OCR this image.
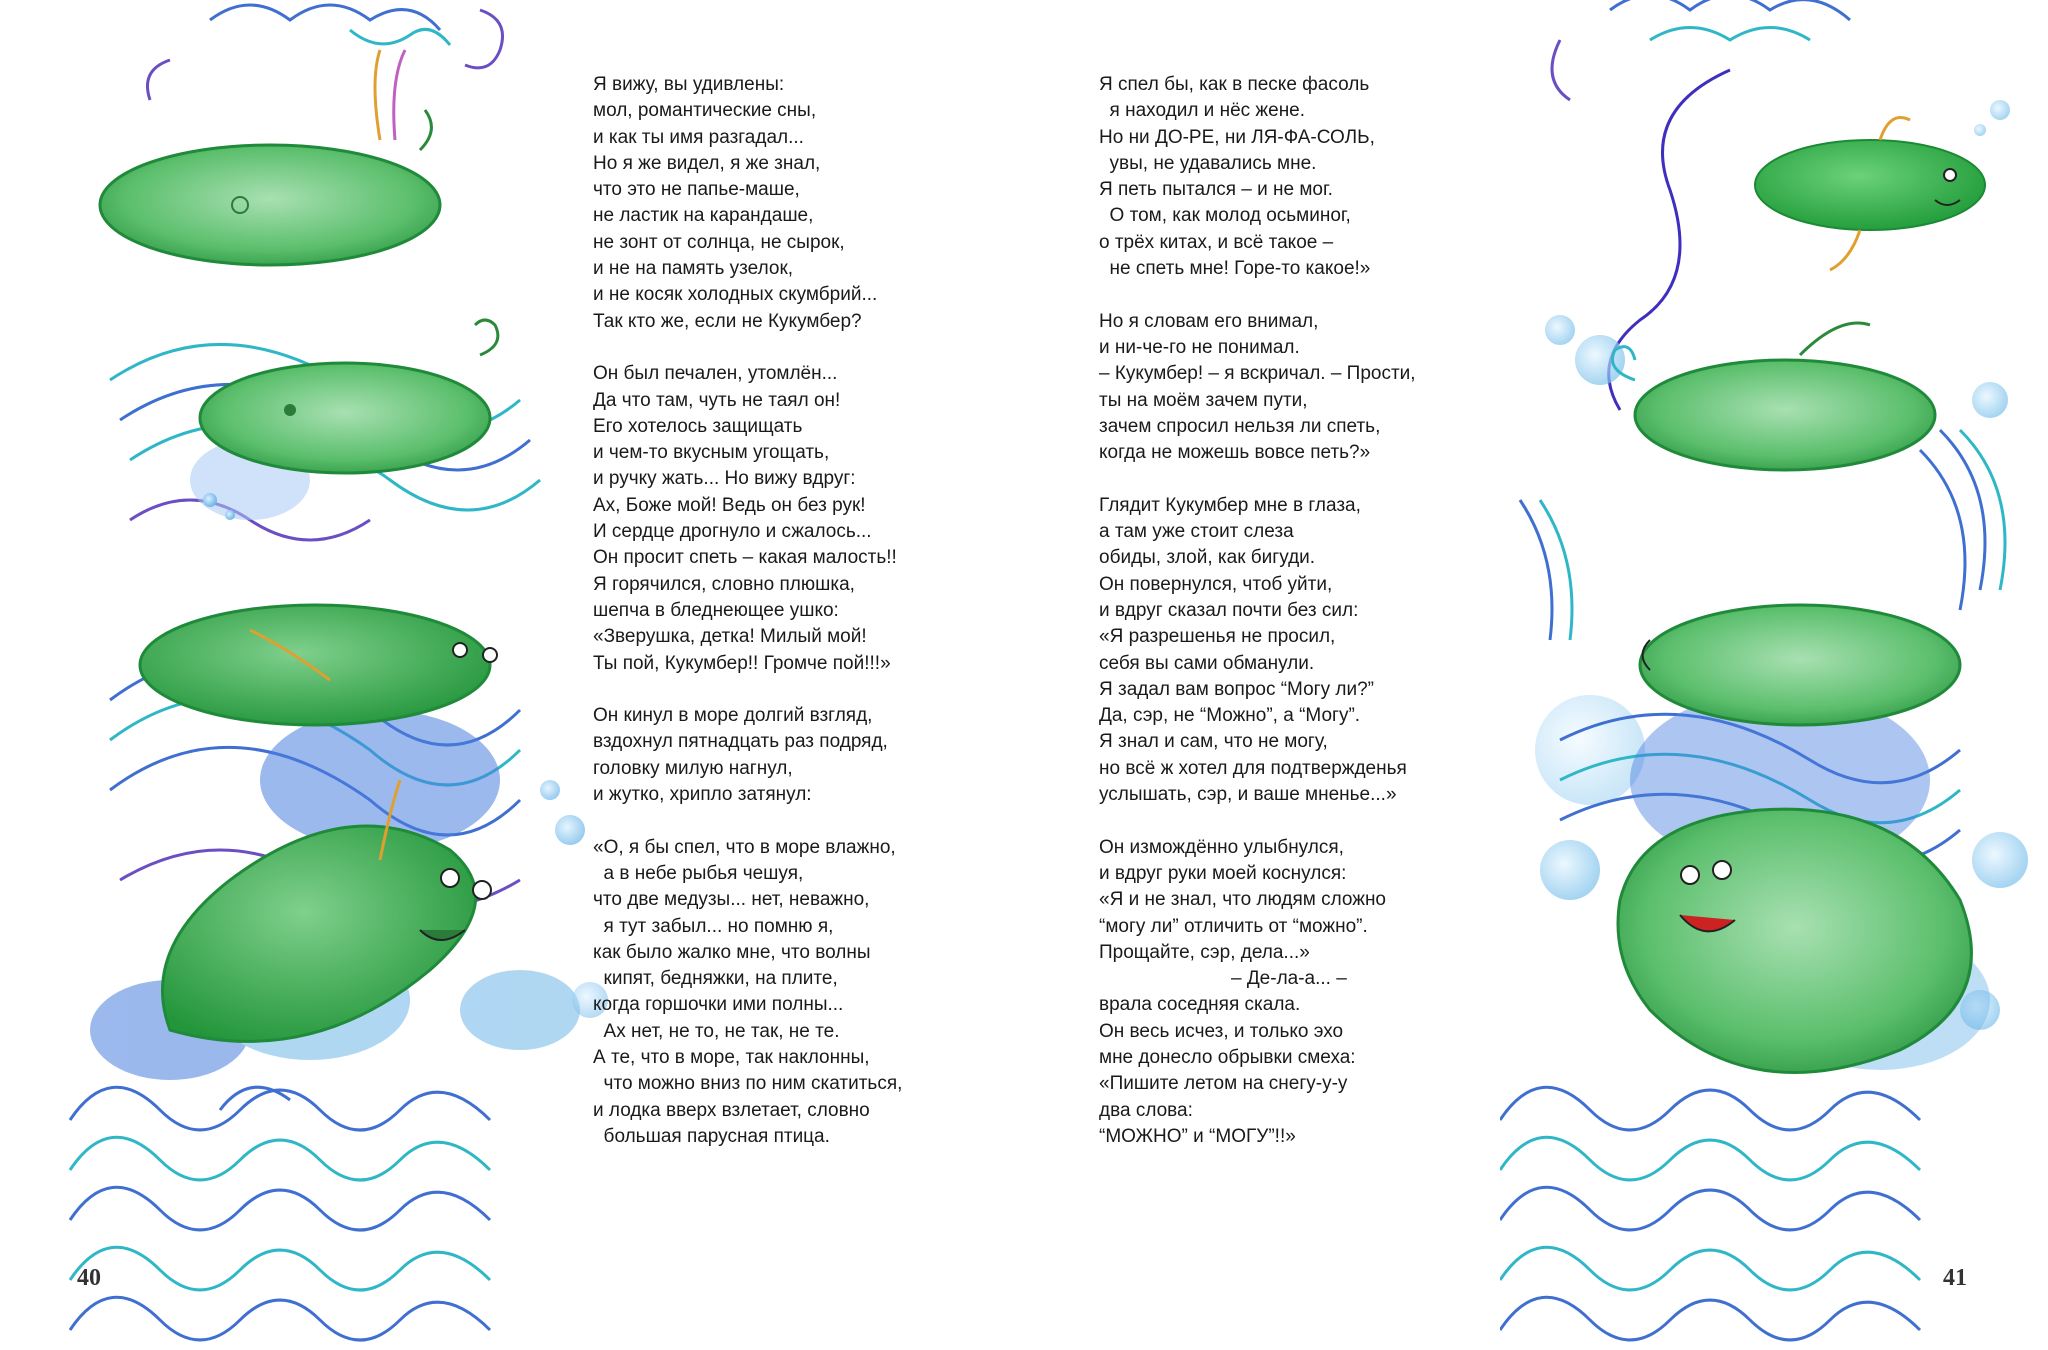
Я вижу, вы удивлены:
мол, романтические сны,
и как ты имя разгадал...
Но я же видел, я же знал,
что это не папье-маше,
не ластик на карандаше,
не зонт от солнца, не сырок,
и не на память узелок,
и не косяк холодных скумбрий...
Так кто же, если не Кукумбер?
Он был печален, утомлён...
Да что там, чуть не таял он!
Его хотелось защищать
и чем-то вкусным угощать,
и ручку жать... Но вижу вдруг:
Ах, Боже мой! Ведь он без рук!
И сердце дрогнуло и сжалось...
Он просит спеть – какая малость!!
Я горячился, словно плюшка,
шепча в бледнеющее ушко:
«Зверушка, детка! Милый мой!
Ты пой, Кукумбер!! Громче пой!!!»
Он кинул в море долгий взгляд,
вздохнул пятнадцать раз подряд,
головку милую нагнул,
и жутко, хрипло затянул:
«О, я бы спел, что в море влажно,
а в небе рыбья чешуя,
что две медузы... нет, неважно,
я тут забыл... но помню я,
как было жалко мне, что волны
кипят, бедняжки, на плите,
когда горшочки ими полны...
Ах нет, не то, не так, не те.
А те, что в море, так наклонны,
что можно вниз по ним скатиться,
и лодка вверх взлетает, словно
большая парусная птица.
Я спел бы, как в песке фасоль
я находил и нёс жене.
Но ни ДО-РЕ, ни ЛЯ-ФА-СОЛЬ,
увы, не удавались мне.
Я петь пытался – и не мог.
О том, как молод осьминог,
о трёх китах, и всё такое –
не спеть мне! Горе-то какое!»
Но я словам его внимал,
и ни-че-го не понимал.
– Кукумбер! – я вскричал. – Прости,
ты на моём зачем пути,
зачем спросил нельзя ли спеть,
когда не можешь вовсе петь?»
Глядит Кукумбер мне в глаза,
а там уже стоит слеза
обиды, злой, как бигуди.
Он повернулся, чтоб уйти,
и вдруг сказал почти без сил:
«Я разрешенья не просил,
себя вы сами обманули.
Я задал вам вопрос “Могу ли?”
Да, сэр, не “Можно”, а “Могу”.
Я знал и сам, что не могу,
но всё ж хотел для подтвержденья
услышать, сэр, и ваше мненье...»
Он измождённо улыбнулся,
и вдруг руки моей коснулся:
«Я и не знал, что людям сложно
“могу ли” отличить от “можно”.
Прощайте, сэр, дела...»
– Де-ла-а... –
врала соседняя скала.
Он весь исчез, и только эхо
мне донесло обрывки смеха:
«Пишите летом на снегу-у-у
два слова:
“МОЖНО” и “МОГУ”!!»
40	41
